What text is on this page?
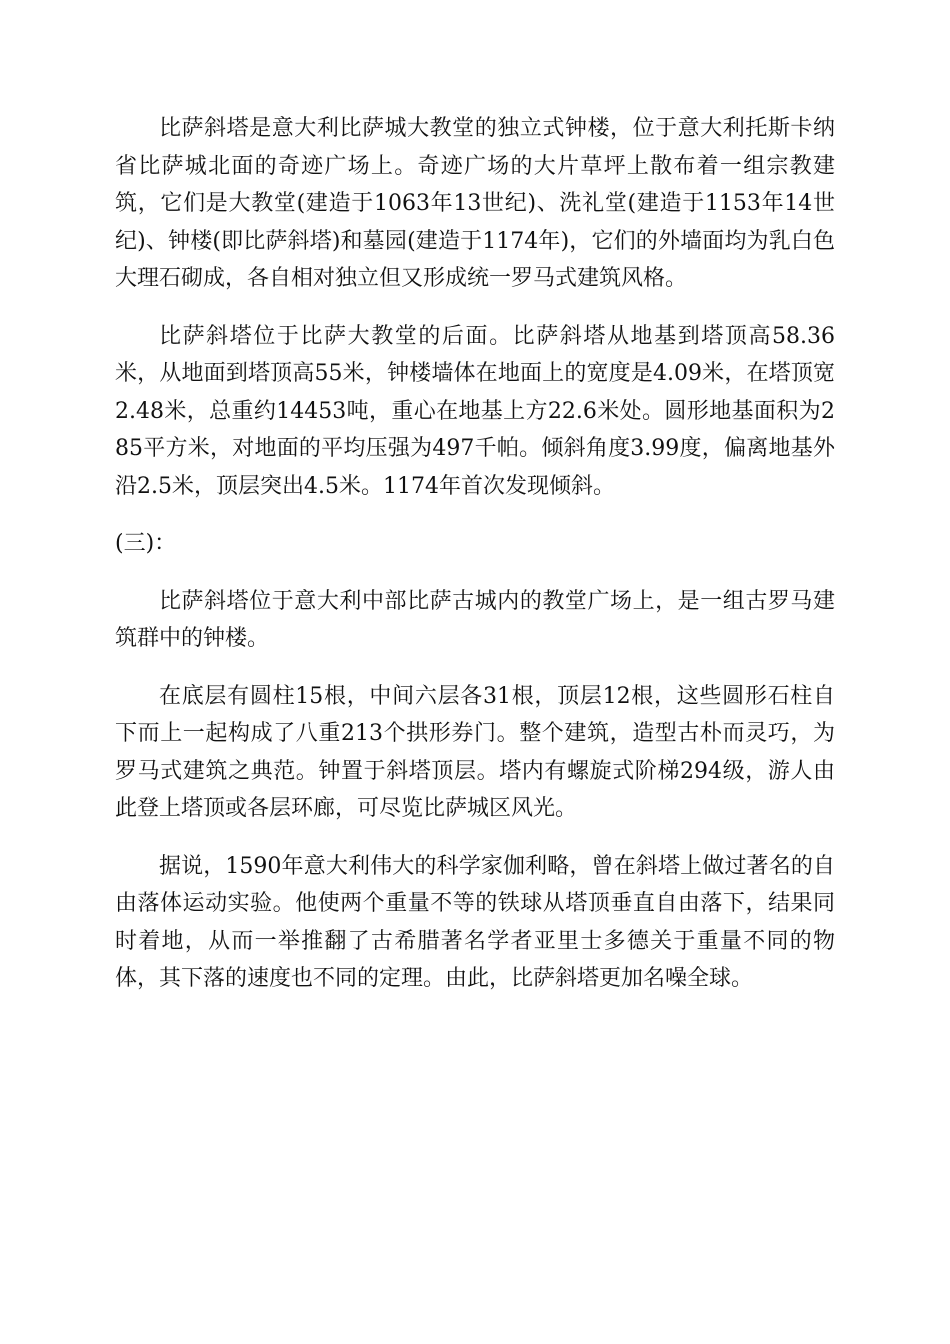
比萨斜塔是意大利比萨城大教堂的独立式钟楼，位于意大利托斯卡纳省比萨城北面的奇迹广场上。奇迹广场的大片草坪上散布着一组宗教建筑，它们是大教堂(建造于1063年13世纪)、洗礼堂(建造于1153年14世纪)、钟楼(即比萨斜塔)和墓园(建造于1174年)，它们的外墙面均为乳白色大理石砌成，各自相对独立但又形成统一罗马式建筑风格。

比萨斜塔位于比萨大教堂的后面。比萨斜塔从地基到塔顶高58.36米，从地面到塔顶高55米，钟楼墙体在地面上的宽度是4.09米，在塔顶宽2.48米，总重约14453吨，重心在地基上方22.6米处。圆形地基面积为285平方米，对地面的平均压强为497千帕。倾斜角度3.99度，偏离地基外沿2.5米，顶层突出4.5米。1174年首次发现倾斜。

(三)：

比萨斜塔位于意大利中部比萨古城内的教堂广场上，是一组古罗马建筑群中的钟楼。

在底层有圆柱15根，中间六层各31根，顶层12根，这些圆形石柱自下而上一起构成了八重213个拱形券门。整个建筑，造型古朴而灵巧，为罗马式建筑之典范。钟置于斜塔顶层。塔内有螺旋式阶梯294级，游人由此登上塔顶或各层环廊，可尽览比萨城区风光。

据说，1590年意大利伟大的科学家伽利略，曾在斜塔上做过著名的自由落体运动实验。他使两个重量不等的铁球从塔顶垂直自由落下，结果同时着地，从而一举推翻了古希腊著名学者亚里士多德关于重量不同的物体，其下落的速度也不同的定理。由此，比萨斜塔更加名噪全球。
